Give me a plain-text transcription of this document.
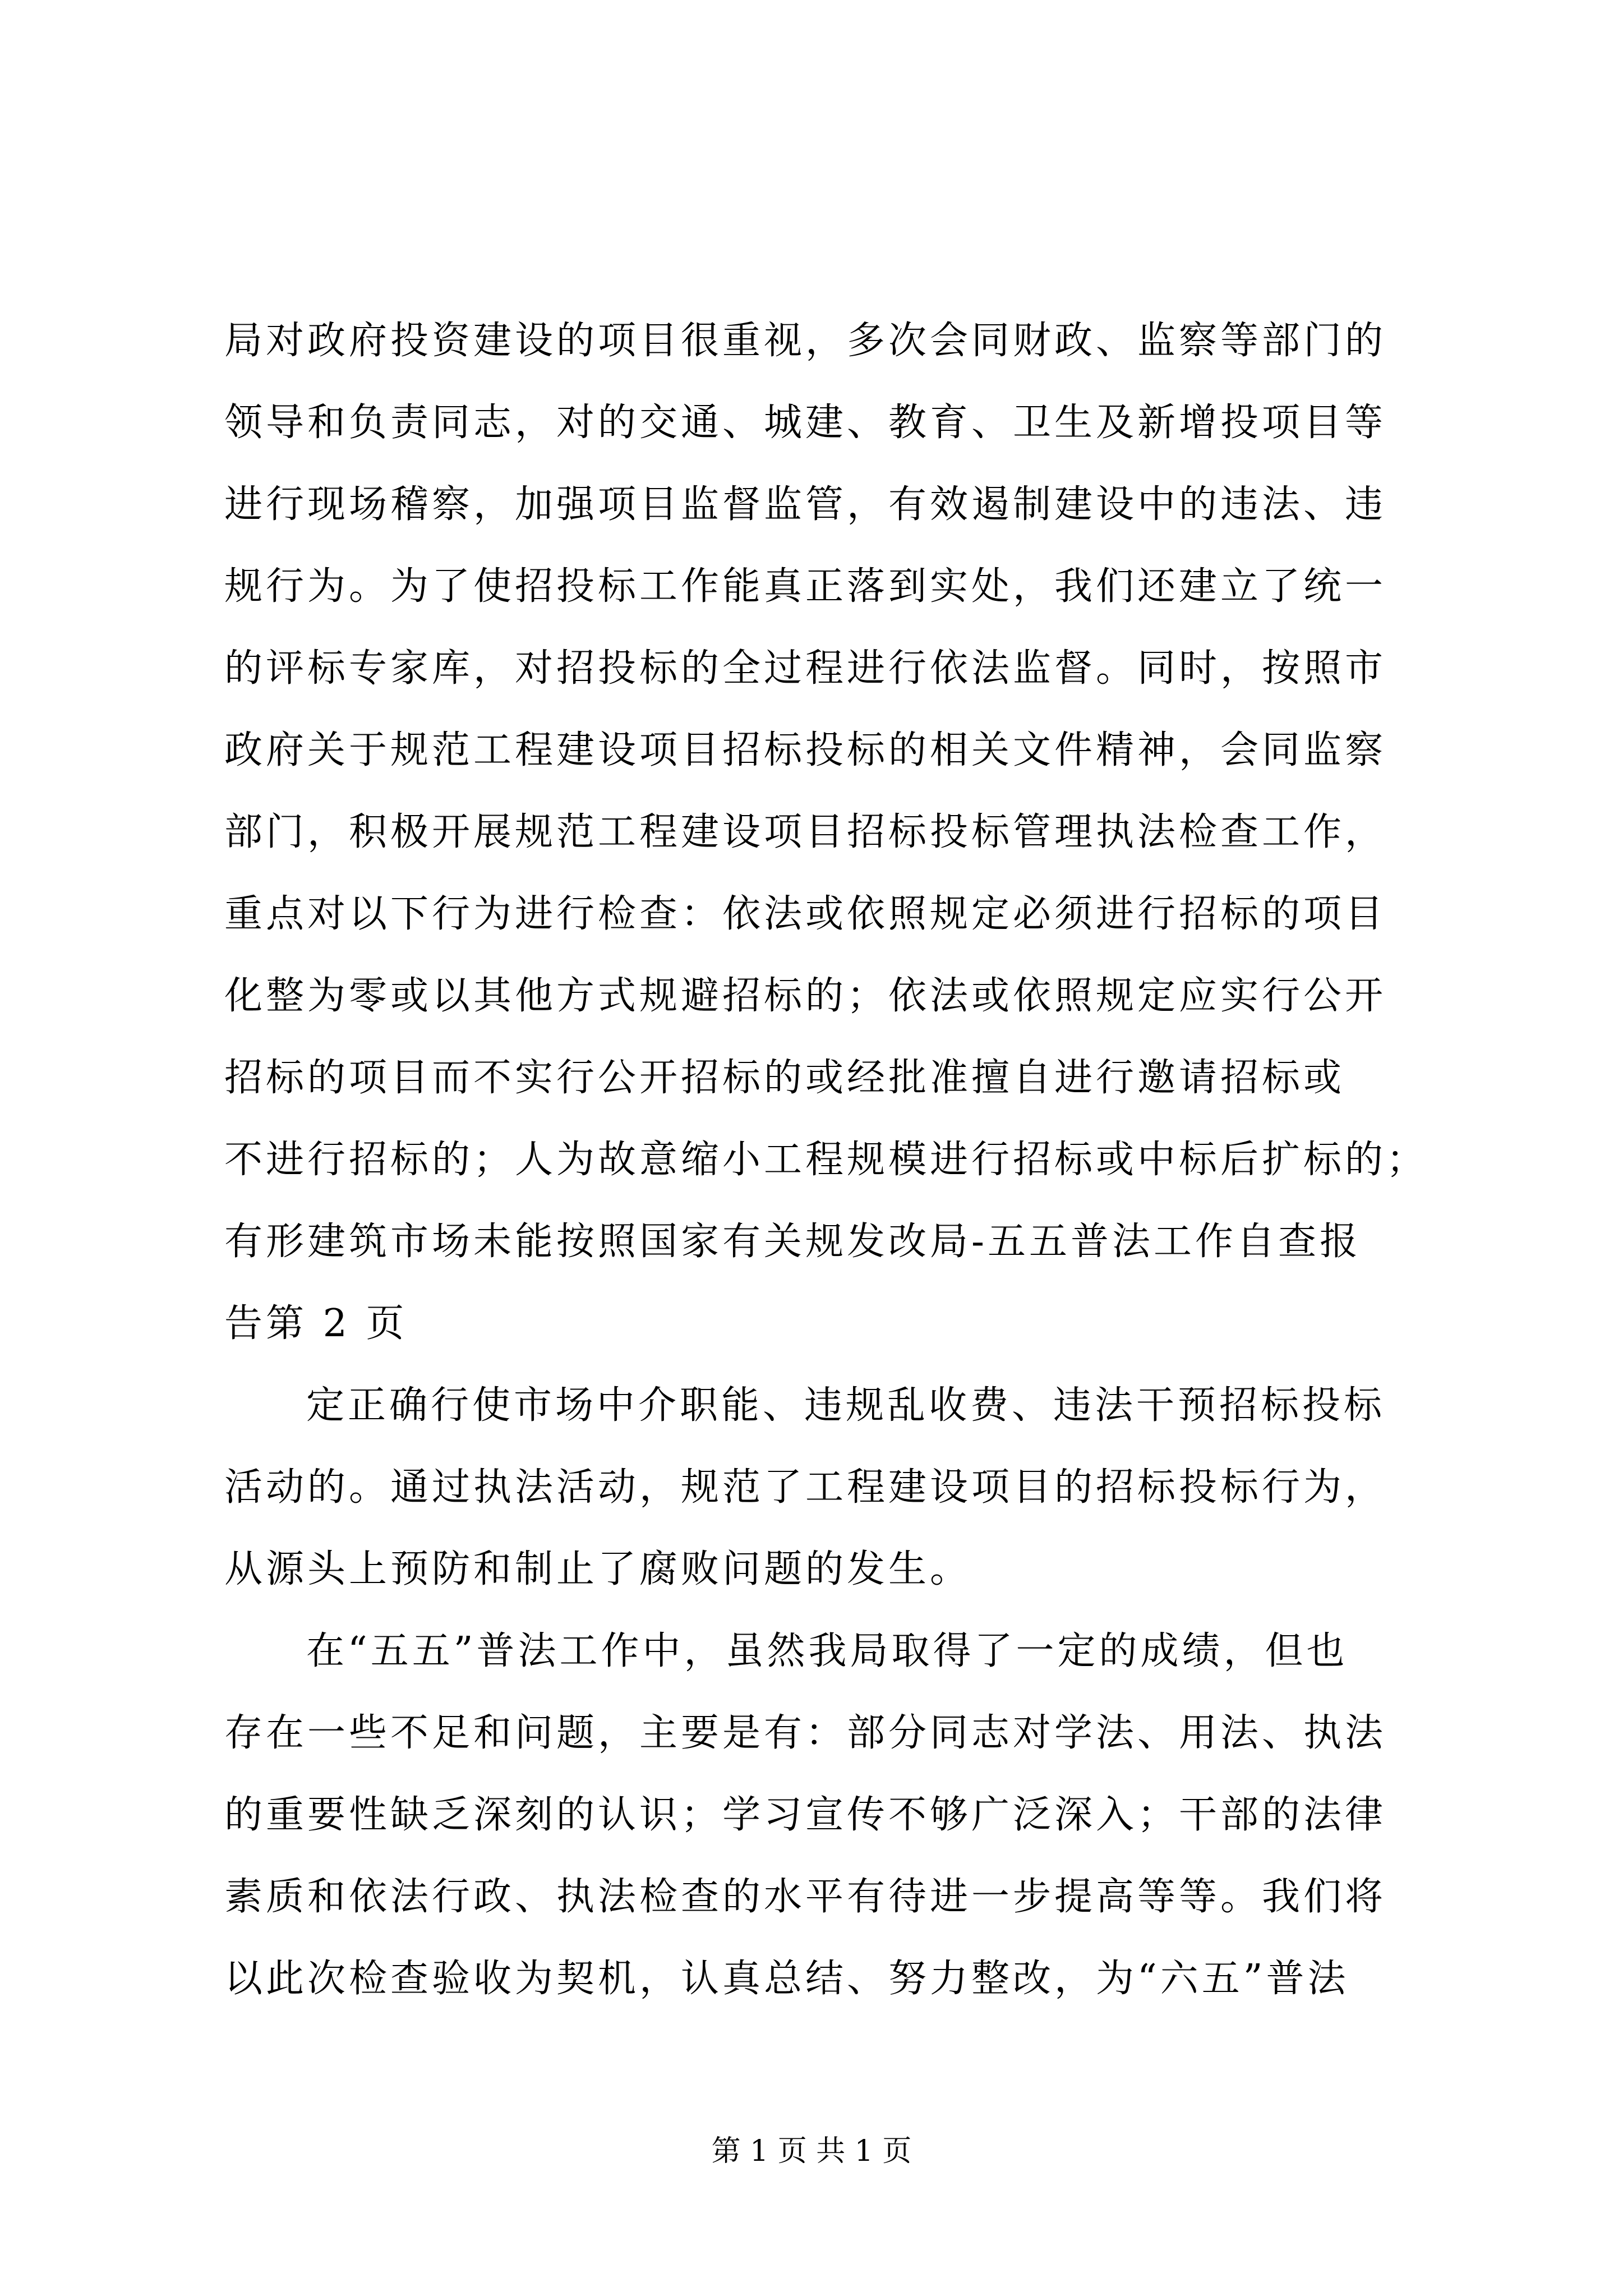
局对政府投资建设的项目很重视，多次会同财政、监察等部门的
领导和负责同志，对的交通、城建、教育、卫生及新增投项目等
进行现场稽察，加强项目监督监管，有效遏制建设中的违法、违
规行为。为了使招投标工作能真正落到实处，我们还建立了统一
的评标专家库，对招投标的全过程进行依法监督。同时，按照市
政府关于规范工程建设项目招标投标的相关文件精神，会同监察
部门，积极开展规范工程建设项目招标投标管理执法检查工作，
重点对以下行为进行检查：依法或依照规定必须进行招标的项目
化整为零或以其他方式规避招标的；依法或依照规定应实行公开
招标的项目而不实行公开招标的或经批准擅自进行邀请招标或
不进行招标的；人为故意缩小工程规模进行招标或中标后扩标的；
有形建筑市场未能按照国家有关规发改局-五五普法工作自查报
告第 2 页
定正确行使市场中介职能、违规乱收费、违法干预招标投标
活动的。通过执法活动，规范了工程建设项目的招标投标行为，
从源头上预防和制止了腐败问题的发生。
在“五五”普法工作中，虽然我局取得了一定的成绩，但也
存在一些不足和问题，主要是有：部分同志对学法、用法、执法
的重要性缺乏深刻的认识；学习宣传不够广泛深入；干部的法律
素质和依法行政、执法检查的水平有待进一步提高等等。我们将
以此次检查验收为契机，认真总结、努力整改，为“六五”普法
第 1 页 共 1 页
